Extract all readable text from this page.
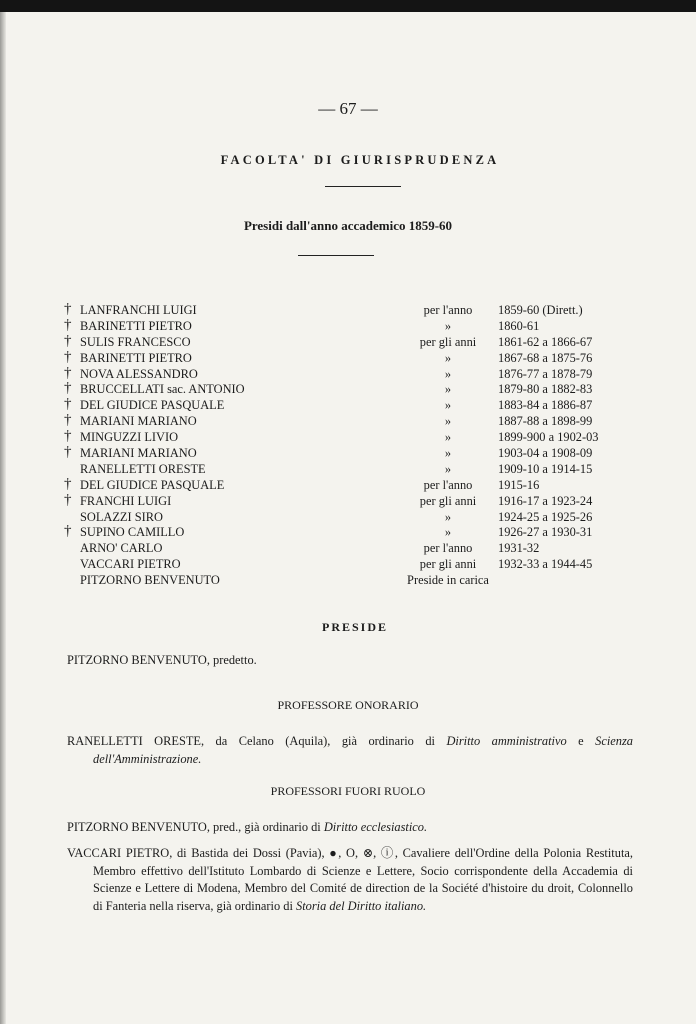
— 67 —
FACOLTA' DI GIURISPRUDENZA
Presidi dall'anno accademico 1859-60
† LANFRANCHI LUIGI	per l'anno	1859-60 (Dirett.)
† BARINETTI PIETRO	»	1860-61
† SULIS FRANCESCO	per gli anni	1861-62 a 1866-67
† BARINETTI PIETRO	»	1867-68 a 1875-76
† NOVA ALESSANDRO	»	1876-77 a 1878-79
† BRUCCELLATI sac. ANTONIO	»	1879-80 a 1882-83
† DEL GIUDICE PASQUALE	»	1883-84 a 1886-87
† MARIANI MARIANO	»	1887-88 a 1898-99
† MINGUZZI LIVIO	»	1899-900 a 1902-03
† MARIANI MARIANO	»	1903-04 a 1908-09
RANELLETTI ORESTE	»	1909-10 a 1914-15
† DEL GIUDICE PASQUALE	per l'anno	1915-16
† FRANCHI LUIGI	per gli anni	1916-17 a 1923-24
SOLAZZI SIRO	»	1924-25 a 1925-26
† SUPINO CAMILLO	»	1926-27 a 1930-31
ARNO' CARLO	per l'anno	1931-32
VACCARI PIETRO	per gli anni	1932-33 a 1944-45
PITZORNO BENVENUTO	Preside in carica
PRESIDE
PITZORNO BENVENUTO, predetto.
PROFESSORE ONORARIO
RANELLETTI ORESTE, da Celano (Aquila), già ordinario di Diritto amministrativo e Scienza dell'Amministrazione.
PROFESSORI FUORI RUOLO
PITZORNO BENVENUTO, pred., già ordinario di Diritto ecclesiastico.
VACCARI PIETRO, di Bastida dei Dossi (Pavia), ●, O, ⊗, ⓘ, Cavaliere dell'Ordine della Polonia Restituta, Membro effettivo dell'Istituto Lombardo di Scienze e Lettere, Socio corrispondente della Accademia di Scienze e Lettere di Modena, Membro del Comité de direction de la Société d'histoire du droit, Colonnello di Fanteria nella riserva, già ordinario di Storia del Diritto italiano.
